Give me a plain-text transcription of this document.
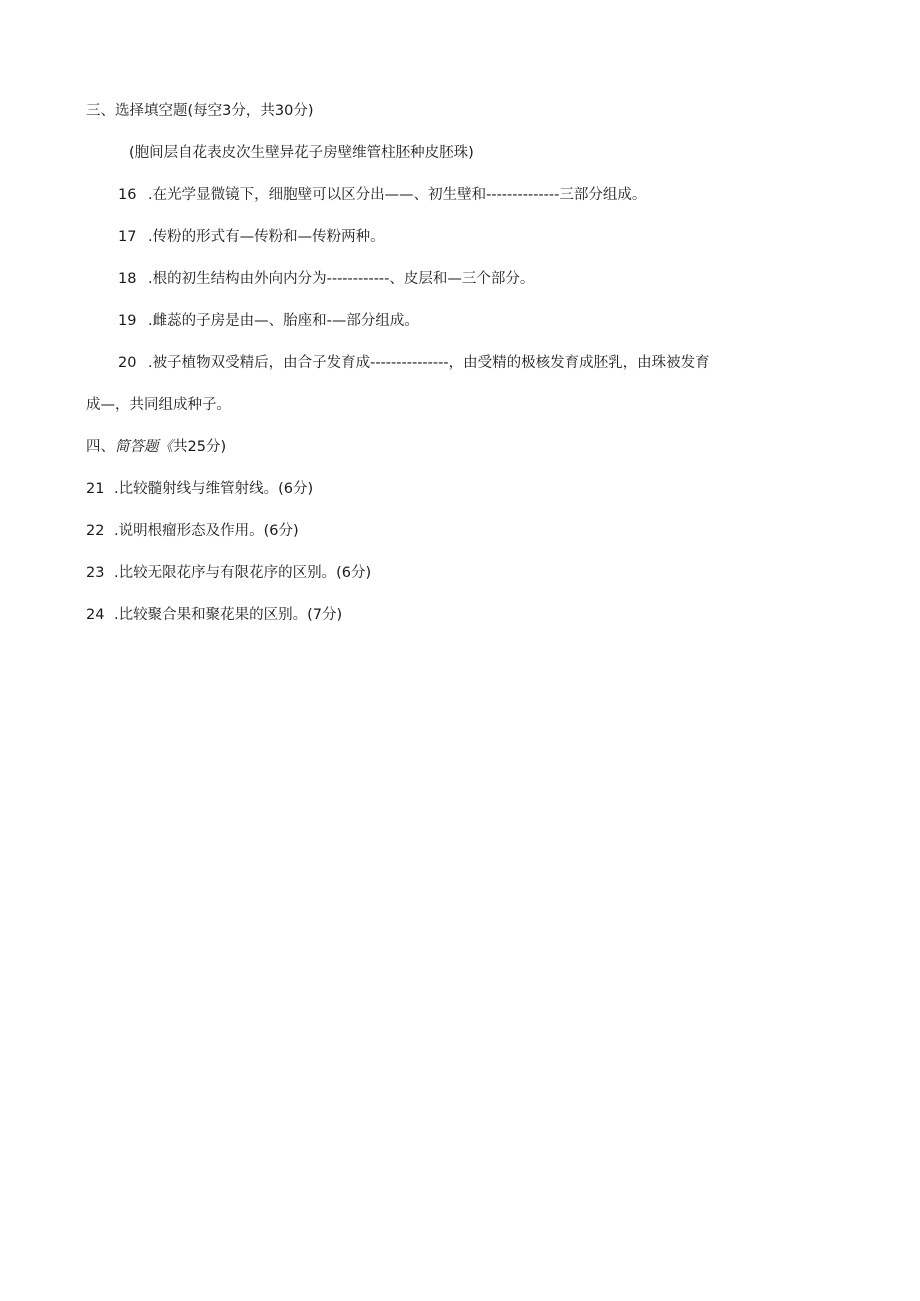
三、选择填空题(每空3分，共30分)
(胞间层自花表皮次生壁异花子房壁维管柱胚种皮胚珠)
16 .在光学显微镜下，细胞壁可以区分出——、初生壁和--------------三部分组成。
17 .传粉的形式有—传粉和—传粉两种。
18 .根的初生结构由外向内分为------------、皮层和—三个部分。
19 .雌蕊的子房是由—、胎座和-—部分组成。
20 .被子植物双受精后，由合子发育成---------------，由受精的极核发育成胚乳，由珠被发育
成—，共同组成种子。
四、简答题《共25分)
21 .比较髓射线与维管射线。(6分)
22 .说明根瘤形态及作用。(6分)
23 .比较无限花序与有限花序的区别。(6分)
24 .比较聚合果和聚花果的区别。(7分)
